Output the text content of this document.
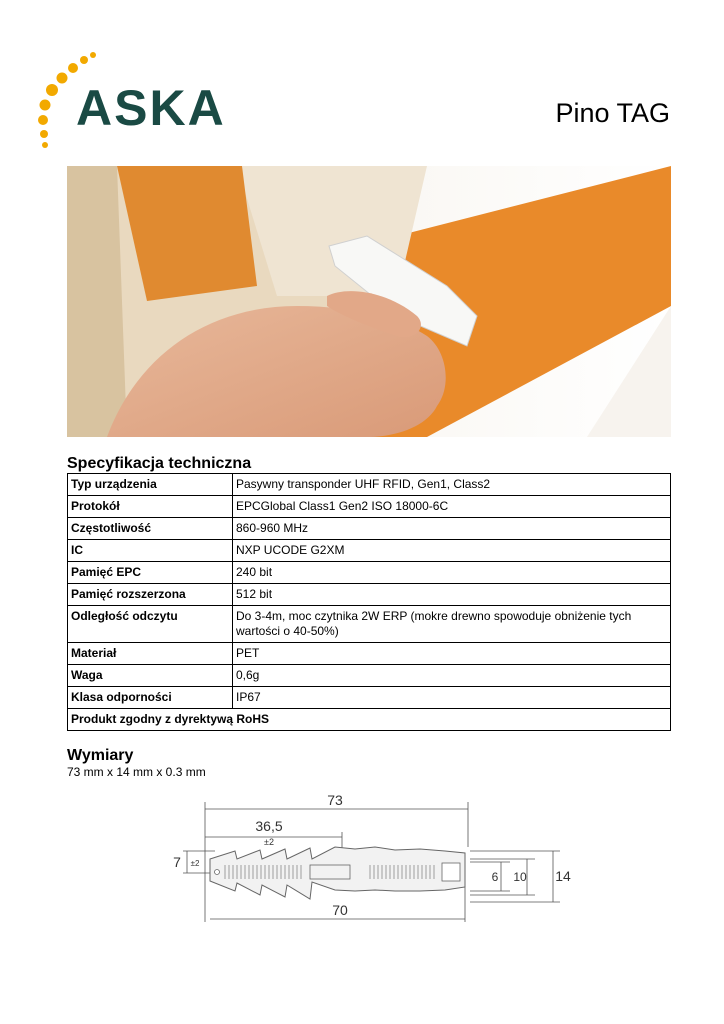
ASKA	Pino TAG
Specyfikacja techniczna
Typ urządzenia	Pasywny transponder UHF RFID, Gen1, Class2
Protokół	EPCGlobal Class1 Gen2 ISO 18000-6C
Częstotliwość	860-960 MHz
IC	NXP UCODE G2XM
Pamięć EPC	240 bit
Pamięć rozszerzona	512 bit
Odległość odczytu	Do 3-4m, moc czytnika 2W ERP (mokre drewno spowoduje obniżenie tych wartości o 40-50%)
Materiał	PET
Waga	0,6g
Klasa odporności	IP67
Produkt zgodny z dyrektywą RoHS	
Wymiary
73 mm x 14 mm x 0.3 mm
73
36,5
±2
70
7 ±2
6 10 14
